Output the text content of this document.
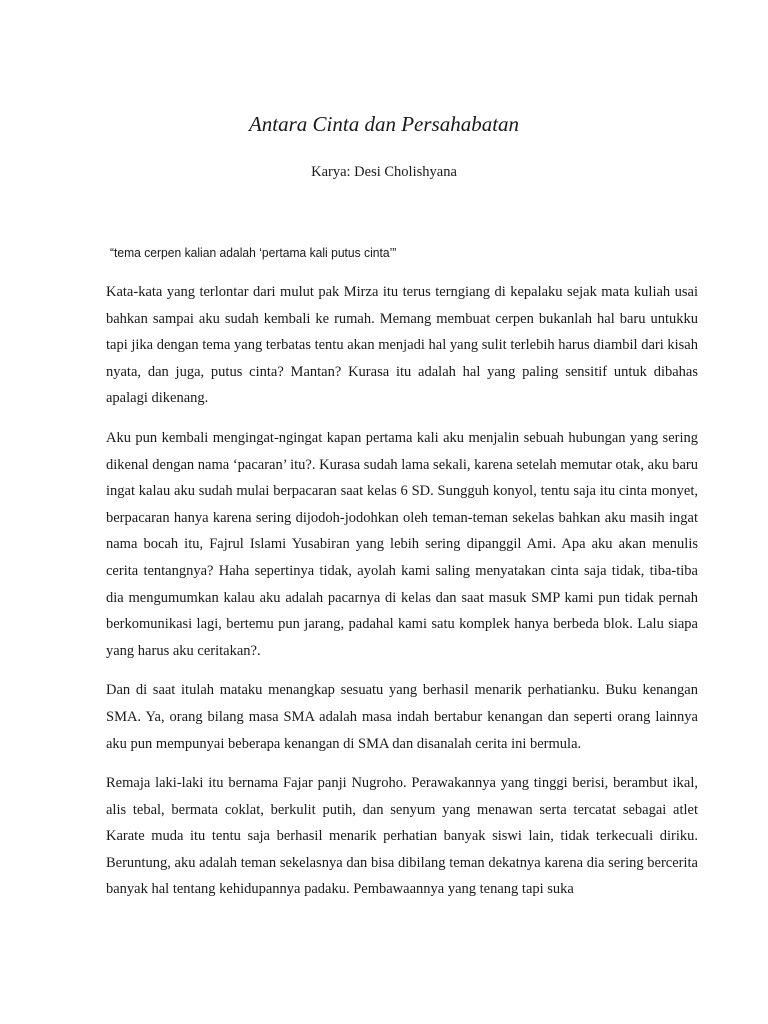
Antara Cinta dan Persahabatan

Karya: Desi Cholishyana

“tema cerpen kalian adalah ‘pertama kali putus cinta’”

Kata-kata yang terlontar dari mulut pak Mirza itu terus terngiang di kepalaku sejak mata kuliah usai bahkan sampai aku sudah kembali ke rumah. Memang membuat cerpen bukanlah hal baru untukku tapi jika dengan tema yang terbatas tentu akan menjadi hal yang sulit terlebih harus diambil dari kisah nyata, dan juga, putus cinta? Mantan? Kurasa itu adalah hal yang paling sensitif untuk dibahas apalagi dikenang.

Aku pun kembali mengingat-ngingat kapan pertama kali aku menjalin sebuah hubungan yang sering dikenal dengan nama ‘pacaran’ itu?. Kurasa sudah lama sekali, karena setelah memutar otak, aku baru ingat kalau aku sudah mulai berpacaran saat kelas 6 SD. Sungguh konyol, tentu saja itu cinta monyet, berpacaran hanya karena sering dijodoh-jodohkan oleh teman-teman sekelas bahkan aku masih ingat nama bocah itu, Fajrul Islami Yusabiran yang lebih sering dipanggil Ami. Apa aku akan menulis cerita tentangnya? Haha sepertinya tidak, ayolah kami saling menyatakan cinta saja tidak, tiba-tiba dia mengumumkan kalau aku adalah pacarnya di kelas dan saat masuk SMP kami pun tidak pernah berkomunikasi lagi, bertemu pun jarang, padahal kami satu komplek hanya berbeda blok. Lalu siapa yang harus aku ceritakan?.

Dan di saat itulah mataku menangkap sesuatu yang berhasil menarik perhatianku. Buku kenangan SMA. Ya, orang bilang masa SMA adalah masa indah bertabur kenangan dan seperti orang lainnya aku pun mempunyai beberapa kenangan di SMA dan disanalah cerita ini bermula.

Remaja laki-laki itu bernama Fajar panji Nugroho. Perawakannya yang tinggi berisi, berambut ikal, alis tebal, bermata coklat, berkulit putih, dan senyum yang menawan serta tercatat sebagai atlet Karate muda itu tentu saja berhasil menarik perhatian banyak siswi lain, tidak terkecuali diriku. Beruntung, aku adalah teman sekelasnya dan bisa dibilang teman dekatnya karena dia sering bercerita banyak hal tentang kehidupannya padaku. Pembawaannya yang tenang tapi suka
